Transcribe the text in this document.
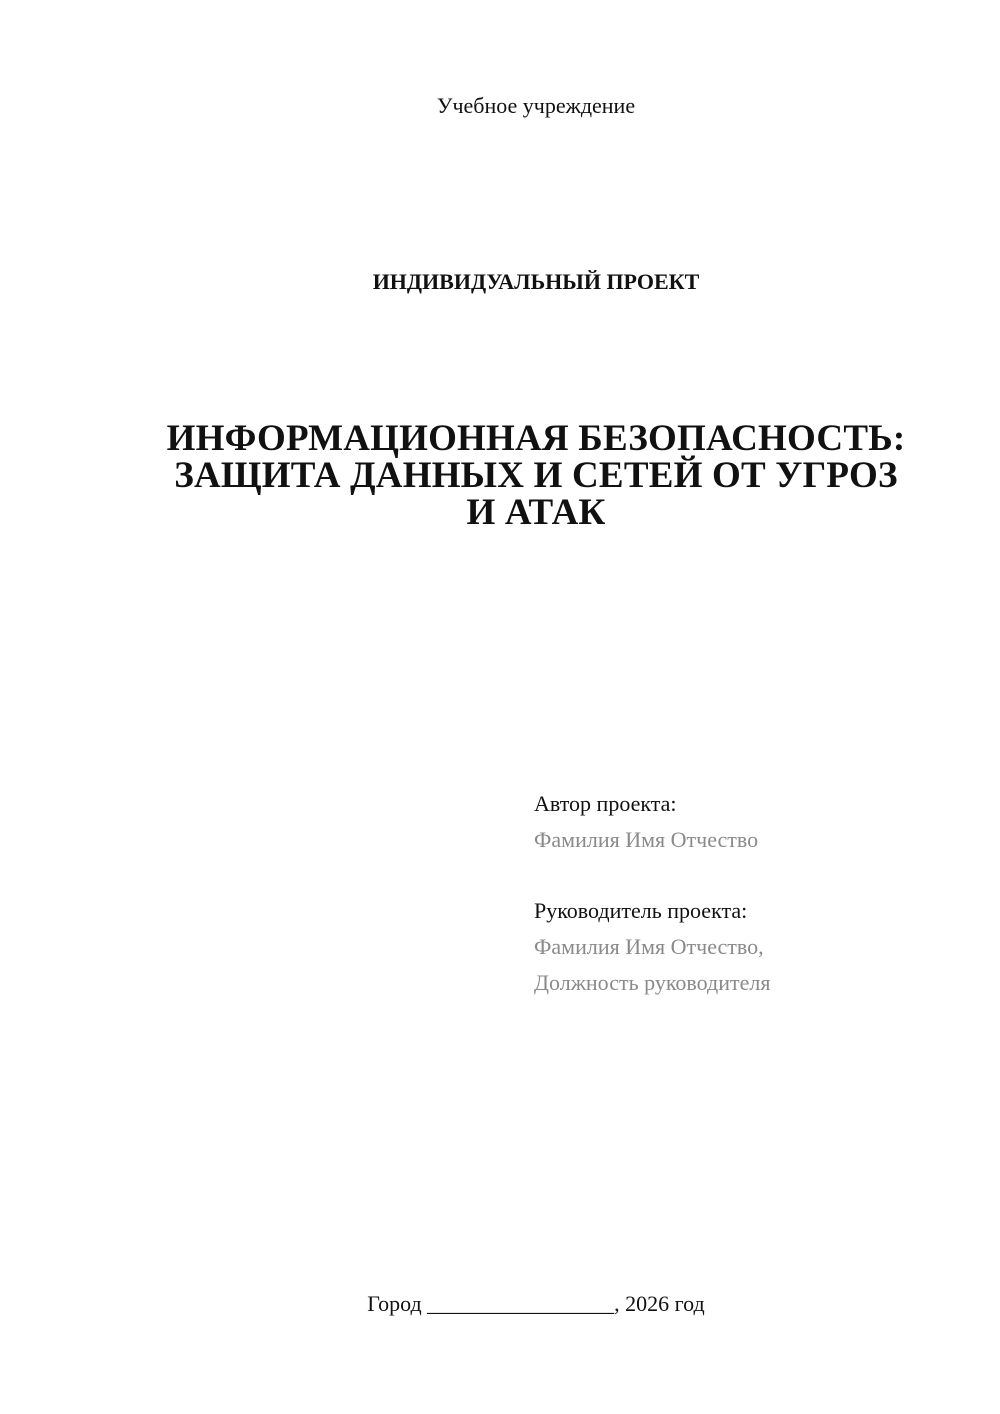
Учебное учреждение
ИНДИВИДУАЛЬНЫЙ ПРОЕКТ
ИНФОРМАЦИОННАЯ БЕЗОПАСНОСТЬ:
ЗАЩИТА ДАННЫХ И СЕТЕЙ ОТ УГРОЗ
И АТАК
Автор проекта:
Фамилия Имя Отчество
Руководитель проекта:
Фамилия Имя Отчество,
Должность руководителя
Город _________________, 2026 год
